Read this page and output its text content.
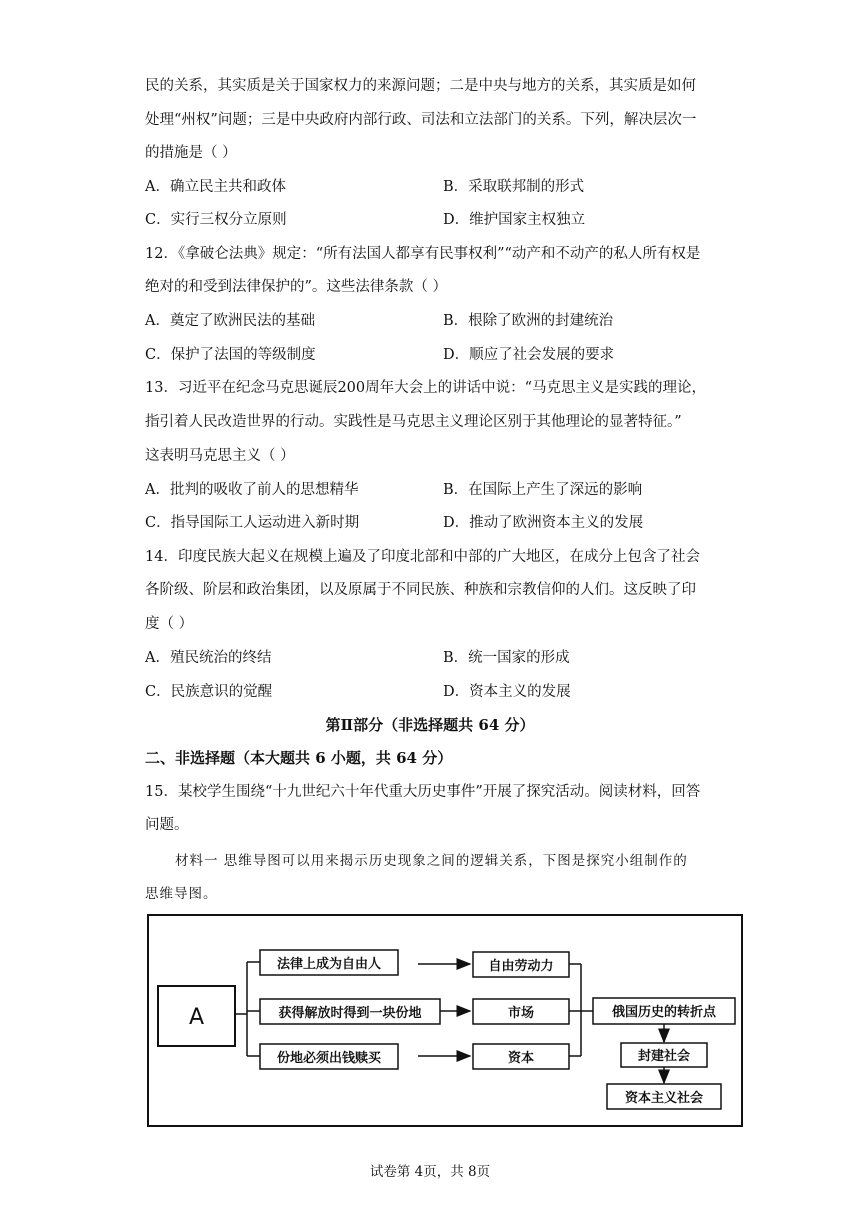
民的关系，其实质是关于国家权力的来源问题；二是中央与地方的关系，其实质是如何
处理“州权”问题；三是中央政府内部行政、司法和立法部门的关系。下列，解决层次一
的措施是（ ）
A．确立民主共和政体	B．采取联邦制的形式
C．实行三权分立原则	D．维护国家主权独立
12．《拿破仑法典》规定：“所有法国人都享有民事权利”“动产和不动产的私人所有权是
绝对的和受到法律保护的”。这些法律条款（ ）
A．奠定了欧洲民法的基础	B．根除了欧洲的封建统治
C．保护了法国的等级制度	D．顺应了社会发展的要求
13．习近平在纪念马克思诞辰200周年大会上的讲话中说：“马克思主义是实践的理论，
指引着人民改造世界的行动。实践性是马克思主义理论区别于其他理论的显著特征。”
这表明马克思主义（ ）
A．批判的吸收了前人的思想精华	B．在国际上产生了深远的影响
C．指导国际工人运动进入新时期	D．推动了欧洲资本主义的发展
14．印度民族大起义在规模上遍及了印度北部和中部的广大地区，在成分上包含了社会
各阶级、阶层和政治集团，以及原属于不同民族、种族和宗教信仰的人们。这反映了印
度（ ）
A．殖民统治的终结	B．统一国家的形成
C．民族意识的觉醒	D．资本主义的发展
第Ⅱ部分（非选择题共 64 分）
二、非选择题（本大题共 6 小题，共 64 分）
15．某校学生围绕“十九世纪六十年代重大历史事件”开展了探究活动。阅读材料，回答
问题。
材料一 思维导图可以用来揭示历史现象之间的逻辑关系，下图是探究小组制作的
思维导图。
A
法律上成为自由人
获得解放时得到一块份地
份地必须出钱赎买
自由劳动力
市场
资本
俄国历史的转折点
封建社会
资本主义社会
试卷第 4页，共 8页
